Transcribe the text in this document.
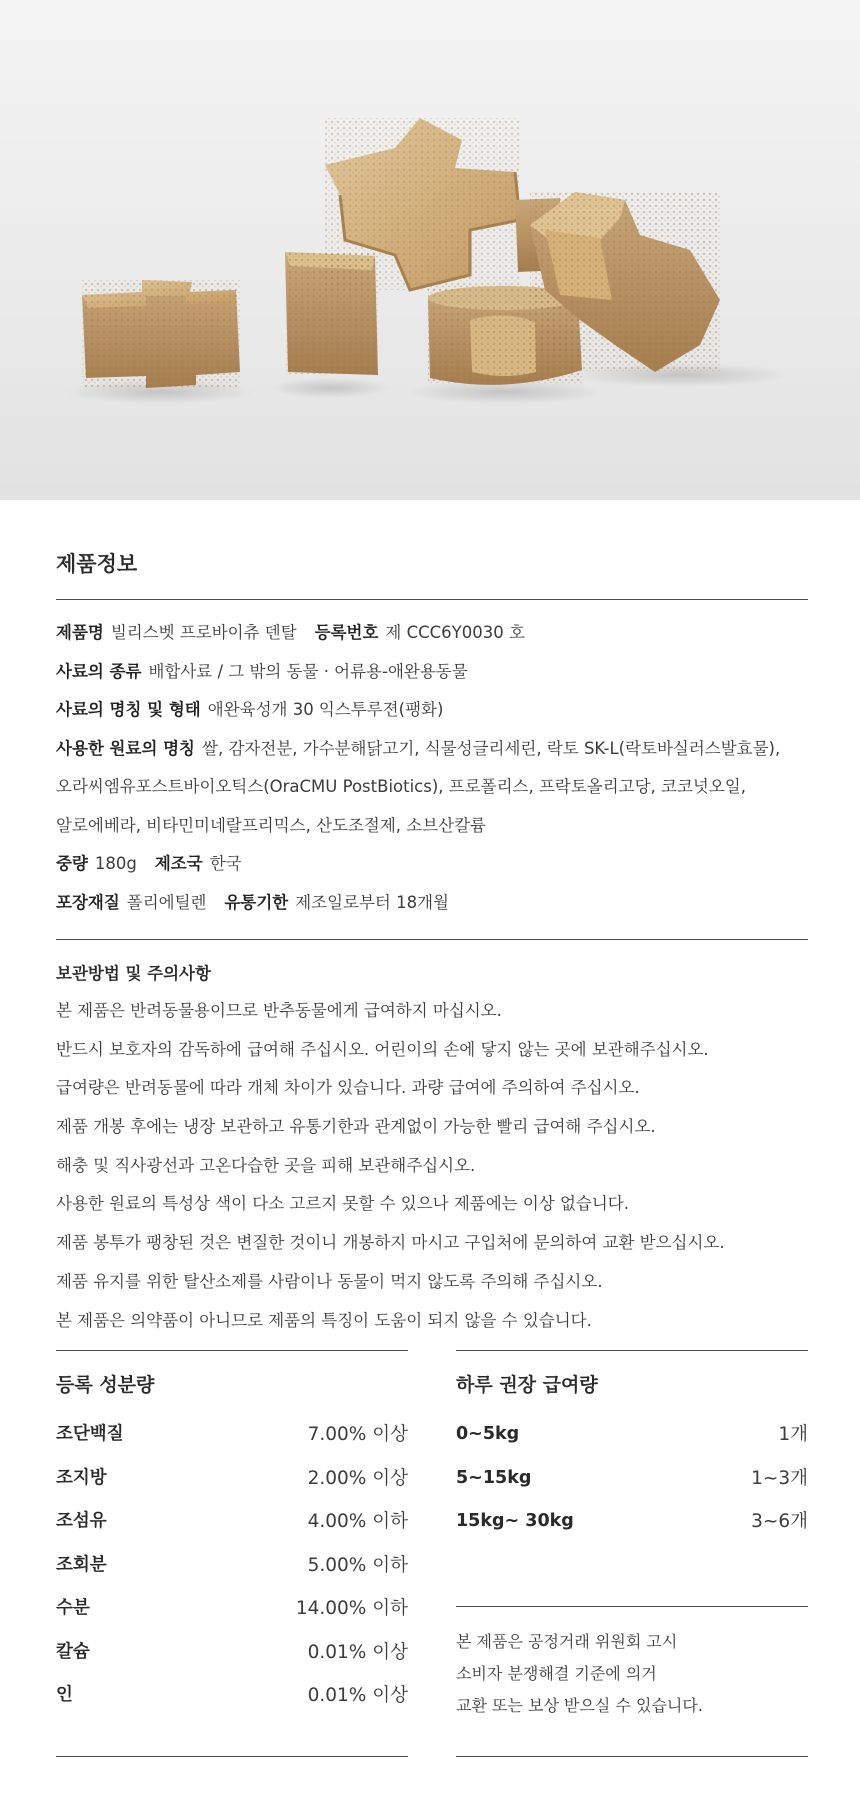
제품정보
제품명 빌리스벳 프로바이츄 덴탈 등록번호 제 CCC6Y0030 호
사료의 종류 배합사료 / 그 밖의 동물 · 어류용-애완용동물
사료의 명칭 및 형태 애완육성개 30 익스투루젼(팽화)
사용한 원료의 명칭 쌀, 감자전분, 가수분해닭고기, 식물성글리세린, 락토 SK-L(락토바실러스발효물),
오라씨엠유포스트바이오틱스(OraCMU PostBiotics), 프로폴리스, 프락토올리고당, 코코넛오일,
알로에베라, 비타민미네랄프리믹스, 산도조절제, 소브산칼륨
중량 180g 제조국 한국
포장재질 폴리에틸렌 유통기한 제조일로부터 18개월
보관방법 및 주의사항
본 제품은 반려동물용이므로 반추동물에게 급여하지 마십시오.
반드시 보호자의 감독하에 급여해 주십시오. 어린이의 손에 닿지 않는 곳에 보관해주십시오.
급여량은 반려동물에 따라 개체 차이가 있습니다. 과량 급여에 주의하여 주십시오.
제품 개봉 후에는 냉장 보관하고 유통기한과 관계없이 가능한 빨리 급여해 주십시오.
해충 및 직사광선과 고온다습한 곳을 피해 보관해주십시오.
사용한 원료의 특성상 색이 다소 고르지 못할 수 있으나 제품에는 이상 없습니다.
제품 봉투가 팽창된 것은 변질한 것이니 개봉하지 마시고 구입처에 문의하여 교환 받으십시오.
제품 유지를 위한 탈산소제를 사람이나 동물이 먹지 않도록 주의해 주십시오.
본 제품은 의약품이 아니므로 제품의 특징이 도움이 되지 않을 수 있습니다.
등록 성분량
조단백질	7.00% 이상
조지방	2.00% 이상
조섬유	4.00% 이하
조회분	5.00% 이하
수분	14.00% 이하
칼슘	0.01% 이상
인	0.01% 이상
하루 권장 급여량
0~5kg	1개
5~15kg	1~3개
15kg~ 30kg	3~6개
본 제품은 공정거래 위원회 고시
소비자 분쟁해결 기준에 의거
교환 또는 보상 받으실 수 있습니다.
